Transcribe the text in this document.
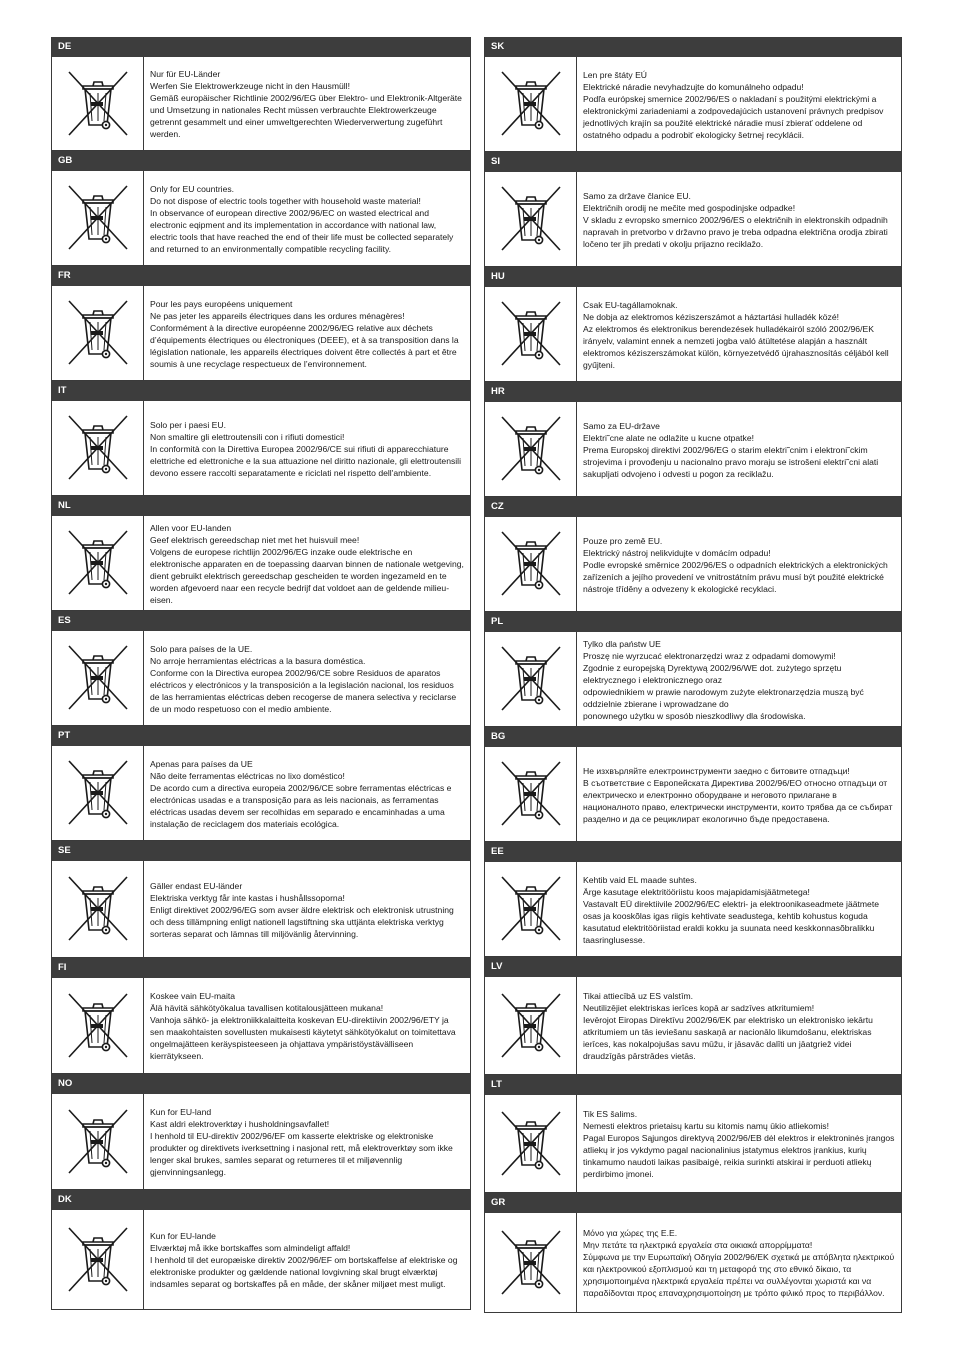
DE
Nur für EU-Länder
Werfen Sie Elektrowerkzeuge nicht in den Hausmüll!
Gemäß europäischer Richtlinie 2002/96/EG über Elektro- und Elektronik-Altgeräte und Umsetzung in nationales Recht müssen verbrauchte Elektrowerkzeuge getrennt gesammelt und einer umweltgerechten Wiederverwertung zugeführt werden.
GB
Only for EU countries.
Do not dispose of electric tools together with household waste material!
In observance of european directive 2002/96/EC on wasted electrical and electronic eqipment and its implementation in accordance with national law, electric tools that have reached the end of their life must be collected separately and returned to an environmentally compatible recycling facility.
FR
Pour les pays européens uniquement
Ne pas jeter les appareils électriques dans les ordures ménagères!
Conformément à la directive européenne 2002/96/EG relative aux déchets d’équipements électriques ou électroniques (DEEE), et à sa transposition dans la législation nationale, les appareils électriques doivent être collectés à part et être soumis à une recyclage respectueux de l’environnement.
IT
Solo per i paesi EU.
Non smaltire gli elettroutensili con i rifiuti domestici!
In conformità con la Direttiva Europea 2002/96/CE sui rifiuti di apparecchiature elettriche ed elettroniche e la sua attuazione nel diritto nazionale, gli elettroutensili devono essere raccolti separatamente e riciclati nel rispetto dell'ambiente.
NL
Allen voor EU-landen
Geef elektrisch gereedschap niet met het huisvuil mee!
Volgens de europese richtlijn 2002/96/EG inzake oude elektrische en elektronische apparaten en de toepassing daarvan binnen de nationale wetgeving, dient gebruikt elektrisch gereedschap gescheiden te worden ingezameld en te worden afgevoerd naar een recycle bedrijf dat voldoet aan de geldende milieu-eisen.
ES
Solo para países de la UE.
No arroje herramientas eléctricas a la basura doméstica.
Conforme con la Directiva europea 2002/96/CE sobre Residuos de aparatos eléctricos y electrónicos y la transposición a la legislación nacional, los residuos de las herramientas eléctricas deben recogerse de manera selectiva y reciclarse de un modo respetuoso con el medio ambiente.
PT
Apenas para países da UE
Não deite ferramentas eléctricas no lixo doméstico!
De acordo cum a directiva europeia 2002/96/CE sobre ferramentas eléctricas e electrónicas usadas e a transposição para as leis nacionais, as ferramentas eléctricas usadas devem ser recolhidas em separado e encaminhadas a uma instalação de reciclagem dos materiais ecológica.
SE
Gäller endast EU-länder
Elektriska verktyg får inte kastas i hushållssoporna!
Enligt direktivet 2002/96/EG som avser äldre elektrisk och elektronisk utrustning och dess tillämpning enligt nationell lagstiftning ska uttjänta elektriska verktyg sorteras separat och lämnas till miljövänlig återvinning.
FI
Koskee vain EU-maita
Älä hävitä sähkötyökalua tavallisen kotitalousjätteen mukana!
Vanhoja sähkö- ja elektroniikkalaitteita koskevan EU-direktiivin 2002/96/ETY ja sen maakohtaisten sovellusten mukaisesti käytetyt sähkötyökalut on toimitettava ongelmajätteen keräyspisteeseen ja ohjattava ympäristöystävälliseen kierrätykseen.
NO
Kun for EU-land
Kast aldri elektroverktøy i husholdningsavfallet!
I henhold til EU-direktiv 2002/96/EF om kasserte elektriske og elektroniske produkter og direktivets iverksettning i nasjonal rett, må elektroverktøy som ikke lenger skal brukes, samles separat og returneres til et miljøvennlig gjenvinningsanlegg.
DK
Kun for EU-lande
Elværktøj må ikke bortskaffes som almindeligt affald!
I henhold til det europæiske direktiv 2002/96/EF om bortskaffelse af elektriske og elektroniske produkter og gældende national lovgivning skal brugt elværktøj indsamles separat og bortskaffes på en måde, der skåner miljøet mest muligt.
SK
Len pre štáty EÚ
Elektrické náradie nevyhadzujte do komunálneho odpadu!
Podľa európskej smernice 2002/96/ES o nakladaní s použitými elektrickými a elektronickými zariadeniami a zodpovedajúcich ustanovení právnych predpisov jednotlivých krajín sa použité elektrické náradie musí zbierať oddelene od ostatného odpadu a podrobiť ekologicky šetrnej recyklácii.
SI
Samo za države članice EU.
Električnih orodij ne mečite med gospodinjske odpadke!
V skladu z evropsko smernico 2002/96/ES o električnih in elektronskih odpadnih napravah in pretvorbo v državno pravo je treba odpadna električna orodja zbirati ločeno ter jih predati v okolju prijazno reciklažo.
HU
Csak EU-tagállamoknak.
Ne dobja az elektromos kéziszerszámot a háztartási hulladék közé!
Az elektromos és elektronikus berendezések hulladékairól szóló 2002/96/EK irányelv, valamint ennek a nemzeti jogba való átültetése alapján a használt elektromos kéziszerszámokat külön, környezetvédő újrahasznosítás céljából kell gyűjteni.
HR
Samo za EU-države
Elektri˜cne alate ne odlažite u kucne otpatke!
Prema Europskoj direktivi 2002/96/EG o starim elektri˜cnim i elektroni˜ckim strojevima i provođenju u nacionalno pravo moraju se istrošeni elektri˜cni alati sakupljati odvojeno i odvesti u pogon za reciklažu.
CZ
Pouze pro země EU.
Elektrický nástroj nelikvidujte v domácím odpadu!
Podle evropské směrnice 2002/96/ES o odpadních elektrických a elektronických zařízeních a jejího provedení ve vnitrostátním právu musí být použité elektrické nástroje tříděny a odvezeny k ekologické recyklaci.
PL
Tylko dla państw UE
Proszę nie wyrzucać elektronarzędzi wraz z odpadami domowymi!
Zgodnie z europejską Dyrektywą 2002/96/WE dot. zużytego sprzętu elektrycznego i elektronicznego oraz
odpowiednikiem w prawie narodowym zużyte elektronarzędzia muszą być oddzielnie zbierane i wprowadzane do
ponownego użytku w sposób nieszkodliwy dla środowiska.
BG
Не изхвърляйте електроинструменти заедно с битовите отпадъци!
В съответствие с Европейската Директива 2002/96/ЕО относно отпадъци от електрическо и електронно оборудване и неговото прилагане в националното право, електрически инструменти, които трябва да се събират разделно и да се рециклират екологично бъде предоставена.
EE
Kehtib vaid EL maade suhtes.
Ärge kasutage elektritööriistu koos majapidamisjäätmetega!
Vastavalt EÜ direktiivile 2002/96/EC elektri- ja elektroonikaseadmete jäätmete osas ja kooskõlas igas riigis kehtivate seadustega, kehtib kohustus koguda kasutatud elektritööriistad eraldi kokku ja suunata need keskkonnasõbralikku taasringlusesse.
LV
Tikai attiecībā uz ES valstīm.
Neutilizējiet elektriskas ierīces kopā ar sadzīves atkritumiem!
Ievērojot Eiropas Direktīvu 2002/96/EK par elektrisko un elektronisko iekārtu atkritumiem un tās ieviešanu saskaņā ar nacionālo likumdošanu, elektriskas ierīces, kas nokalpojušas savu mūžu, ir jāsavāc dalīti un jāatgriež videi draudzīgās pārstrādes vietās.
LT
Tik ES šalims.
Nemesti elektros prietaisų kartu su kitomis namų ūkio atliekomis!
Pagal Europos Sąjungos direktyvą 2002/96/EB dėl elektros ir elektroninės įrangos atliekų ir jos vykdymo pagal nacionalinius įstatymus elektros įrankius, kurių tinkamumo naudoti laikas pasibaigė, reikia surinkti atskirai ir perduoti atliekų perdirbimo įmonei.
GR
Μόνο για χώρες της Ε.Ε.
Μην πετάτε τα ηλεκτρικά εργαλεία στα οικιακά απορρίμματα!
Σύμφωνα με την Ευρωπαϊκή Οδηγία 2002/96/ΕΚ σχετικά με απόβλητα ηλεκτρικού και ηλεκτρονικού εξοπλισμού και τη μεταφορά της στο εθνικό δίκαιο, τα χρησιμοποιημένα ηλεκτρικά εργαλεία πρέπει να συλλέγονται χωριστά και να παραδίδονται προς επαναχρησιμοποίηση με τρόπο φιλικό προς το περιβάλλον.
